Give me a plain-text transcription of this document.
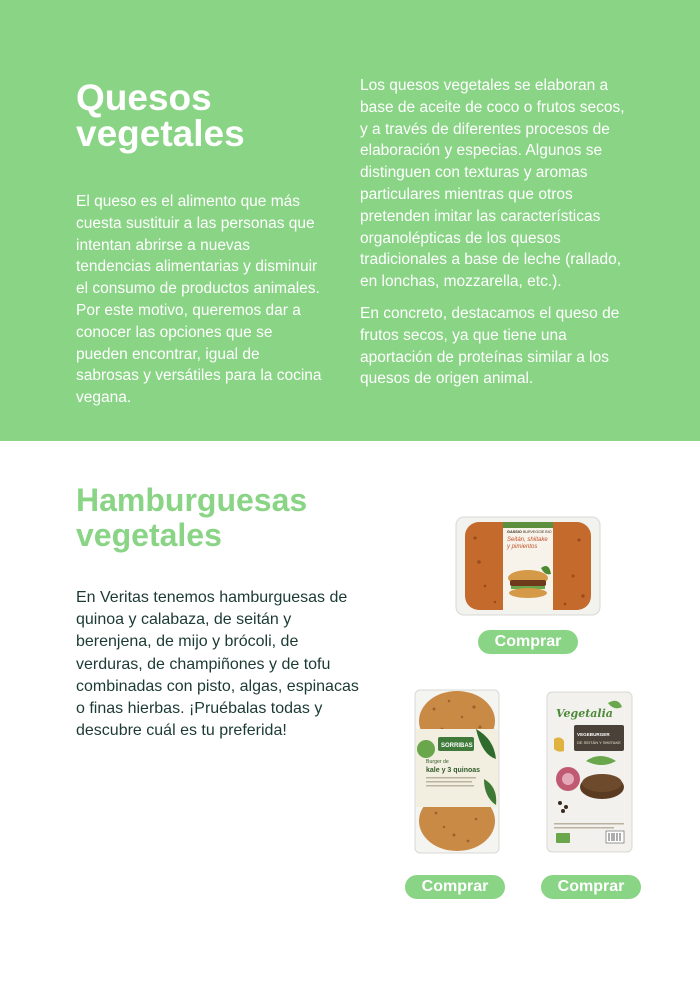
Quesos
vegetales

El queso es el alimento que más cuesta sustituir a las personas que intentan abrirse a nuevas tendencias alimentarias y disminuir el consumo de productos animales. Por este motivo, queremos dar a conocer las opciones que se pueden encontrar, igual de sabrosas y versátiles para la cocina vegana.

Los quesos vegetales se elaboran a base de aceite de coco o frutos secos, y a través de diferentes procesos de elaboración y especias. Algunos se distinguen con texturas y aromas particulares mientras que otros pretenden imitar las características organolépticas de los quesos tradicionales a base de leche (rallado, en lonchas, mozzarella, etc.).

En concreto, destacamos el queso de frutos secos, ya que tiene una aportación de proteínas similar a los quesos de origen animal.

Hamburguesas
vegetales

En Veritas tenemos hamburguesas de quinoa y calabaza, de seitán y berenjena, de mijo y brócoli, de verduras, de champiñones y de tofu combinadas con pisto, algas, espinacas o finas hierbas. ¡Pruébalas todas y descubre cuál es tu preferida!

GASSIO BURVEGGIE BIO
Seitán, shiitake
y pimientos
Comprar
SORRIBAS
Burger de
kale y 3 quinoas
Comprar
Vegetalia
VEGEBURGER
DE SEITÁN Y SHIITAKE
Comprar
